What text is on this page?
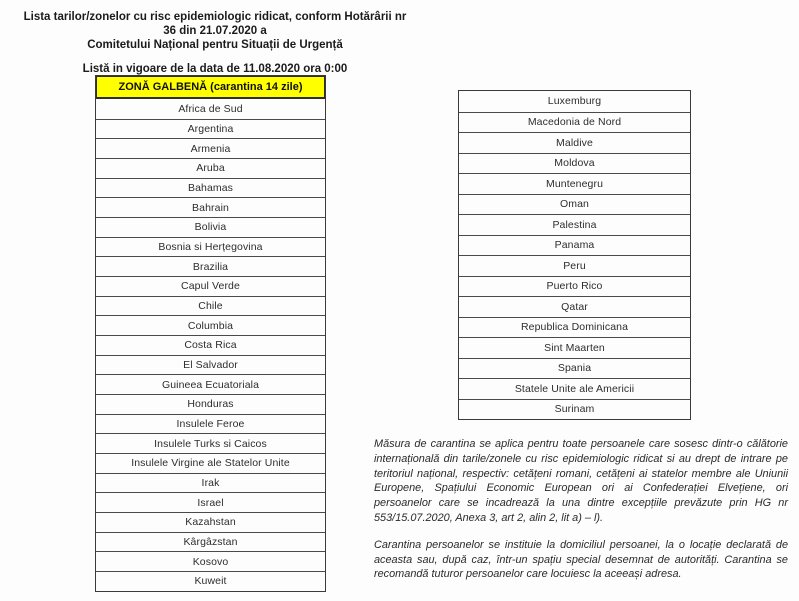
Lista tarilor/zonelor cu risc epidemiologic ridicat, conform Hotărârii nr 36 din 21.07.2020 a
Comitetului Național pentru Situații de Urgență
Listă in vigoare de la data de 11.08.2020 ora 0:00
ZONĂ GALBENĂ (carantina 14 zile)
Africa de Sud
Argentina
Armenia
Aruba
Bahamas
Bahrain
Bolivia
Bosnia si Herțegovina
Brazilia
Capul Verde
Chile
Columbia
Costa Rica
El Salvador
Guineea Ecuatoriala
Honduras
Insulele Feroe
Insulele Turks si Caicos
Insulele Virgine ale Statelor Unite
Irak
Israel
Kazahstan
Kârgâzstan
Kosovo
Kuweit
Luxemburg
Macedonia de Nord
Maldive
Moldova
Muntenegru
Oman
Palestina
Panama
Peru
Puerto Rico
Qatar
Republica Dominicana
Sint Maarten
Spania
Statele Unite ale Americii
Surinam

Măsura de carantina se aplica pentru toate persoanele care sosesc dintr-o călătorie internațională din tarile/zonele cu risc epidemiologic ridicat si au drept de intrare pe teritoriul național, respectiv: cetățeni romani, cetățeni ai statelor membre ale Uniunii Europene, Spațiului Economic European ori ai Confederației Elvețiene, ori persoanelor care se incadrează la una dintre excepțiile prevăzute prin HG nr 553/15.07.2020, Anexa 3, art 2, alin 2, lit a) – l).

Carantina persoanelor se instituie la domiciliul persoanei, la o locație declarată de aceasta sau, după caz, într-un spațiu special desemnat de autorități. Carantina se recomandă tuturor persoanelor care locuiesc la aceeași adresa.
